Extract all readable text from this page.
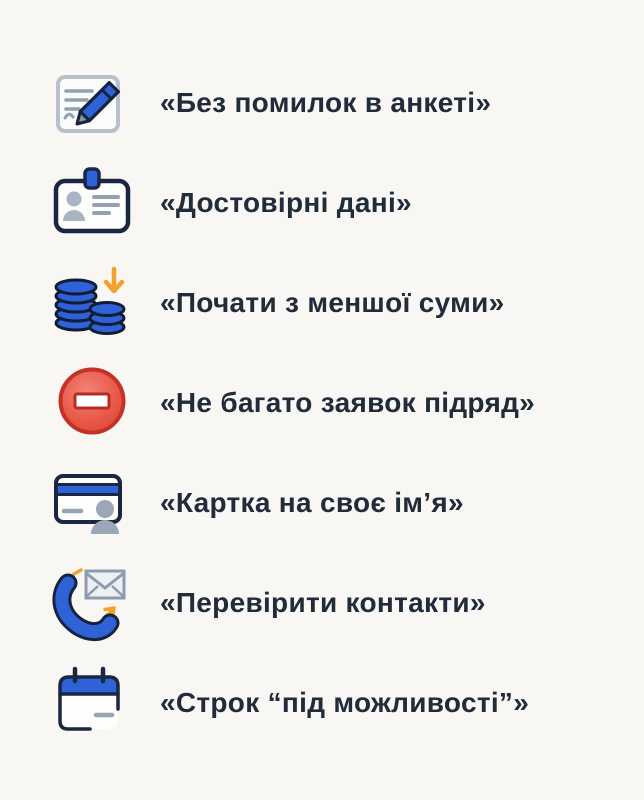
«Без помилок в анкеті»
«Достовірні дані»
«Почати з меншої суми»
«Не багато заявок підряд»
«Картка на своє ім’я»
«Перевірити контакти»
«Строк “під можливості”»
